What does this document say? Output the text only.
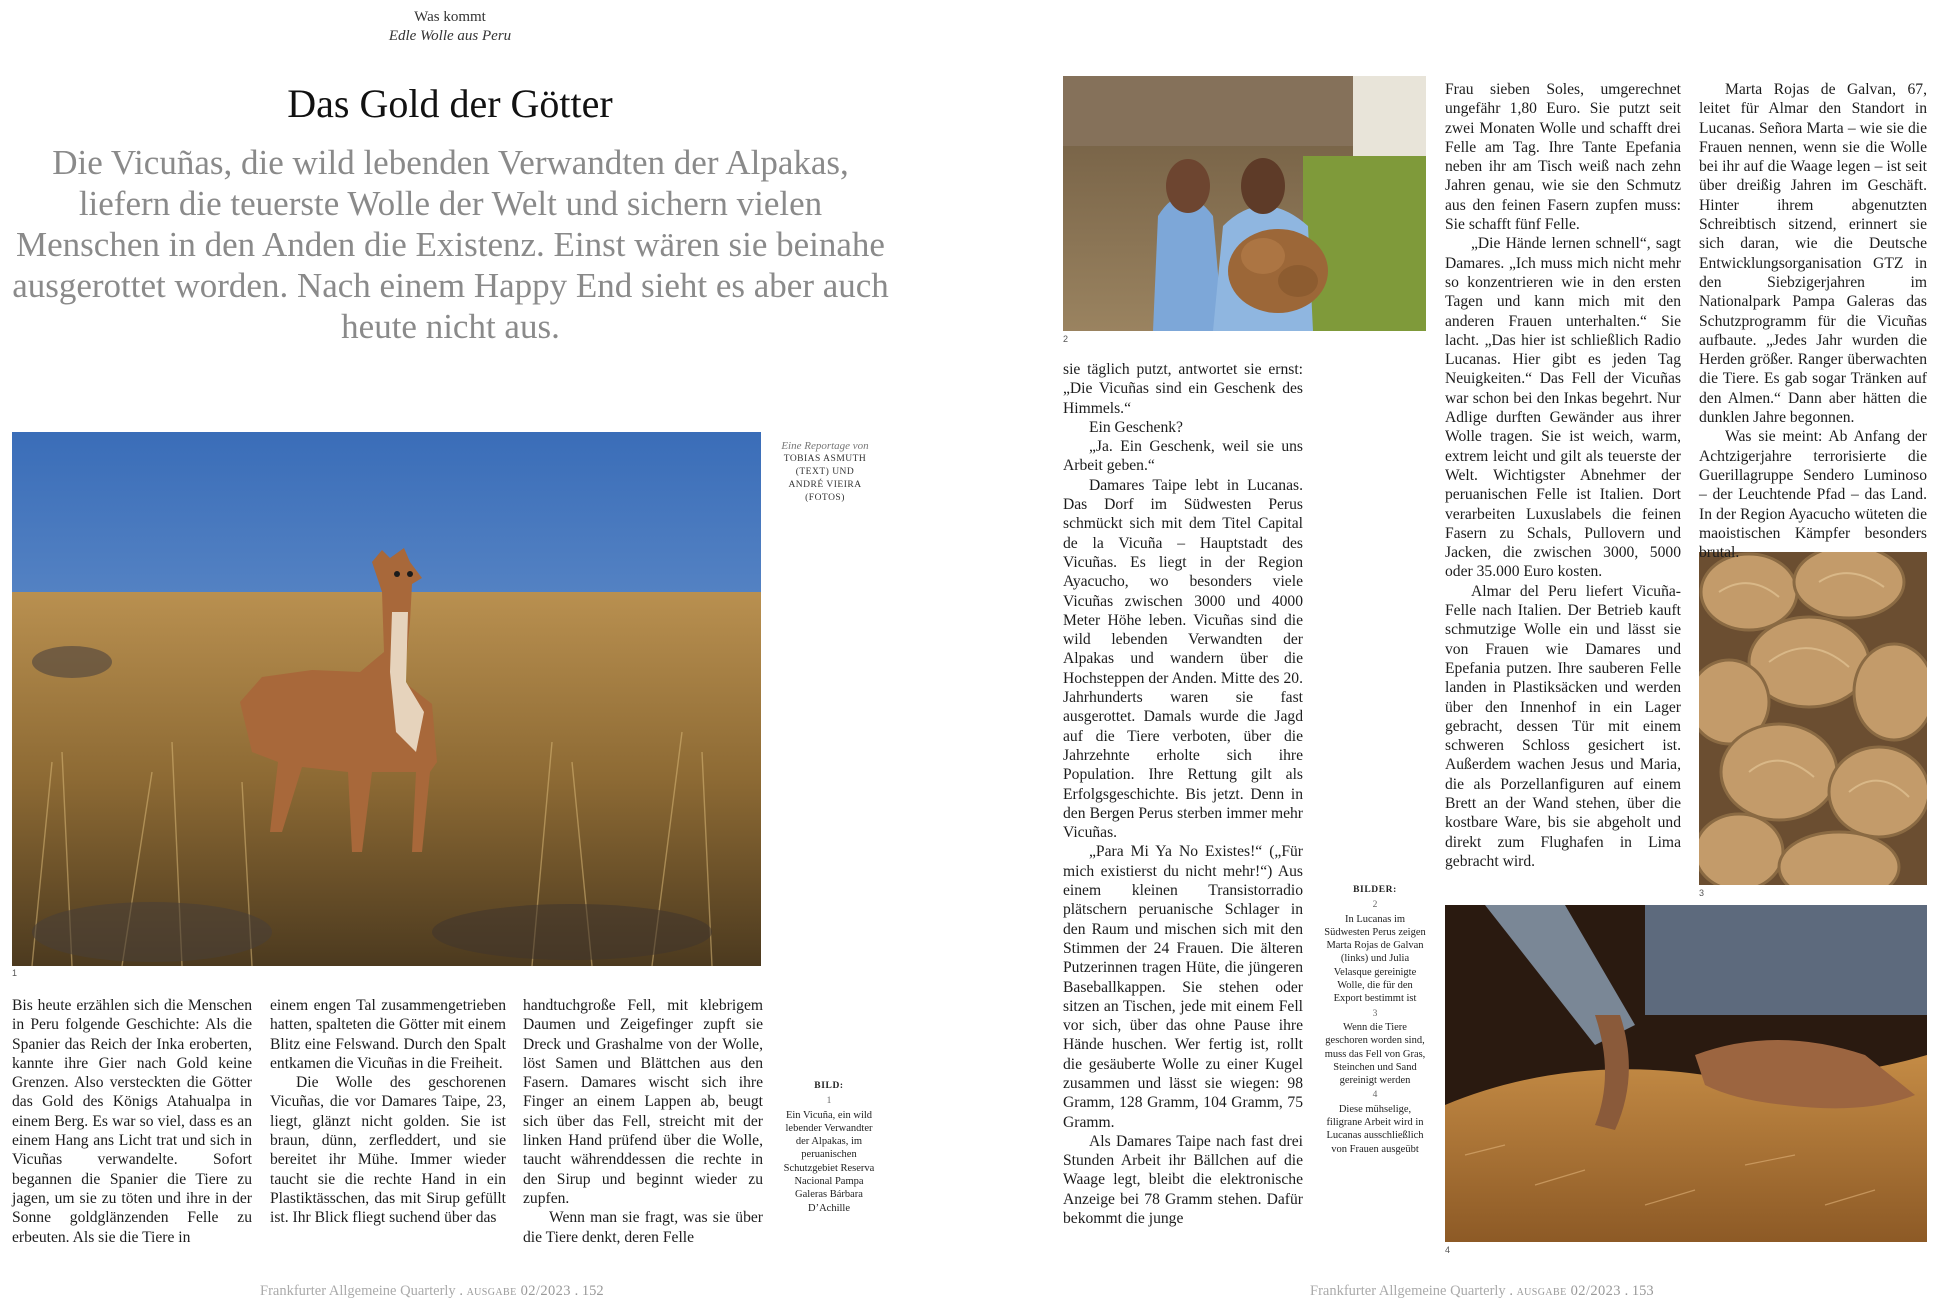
Was kommt
Edle Wolle aus Peru
Das Gold der Götter

Die Vicuñas, die wild lebenden Verwandten der Alpakas, liefern die teuerste Wolle der Welt und sichern vielen Menschen in den Anden die Existenz. Einst wären sie beinahe ausgerottet worden. Nach einem Happy End sieht es aber auch heute nicht aus.

1
Eine Reportage von
TOBIAS ASMUTH
(TEXT) UND
ANDRÉ VIEIRA
(FOTOS)

Bis heute erzählen sich die Menschen in Peru folgende Geschichte: Als die Spanier das Reich der Inka eroberten, kannte ihre Gier nach Gold keine Grenzen. Also versteckten die Götter das Gold des Königs Atahualpa in einem Berg. Es war so viel, dass es an einem Hang ans Licht trat und sich in Vicuñas verwandelte. Sofort begannen die Spanier die Tiere zu jagen, um sie zu töten und ihre in der Sonne goldglänzenden Felle zu erbeuten. Als sie die Tiere in

einem engen Tal zusammengetrieben hatten, spalteten die Götter mit einem Blitz eine Felswand. Durch den Spalt entkamen die Vicuñas in die Freiheit.

Die Wolle des geschorenen Vicuñas, die vor Damares Taipe, 23, liegt, glänzt nicht golden. Sie ist braun, dünn, zerfleddert, und sie bereitet ihr Mühe. Immer wieder taucht sie die rechte Hand in ein Plastiktässchen, das mit Sirup gefüllt ist. Ihr Blick fliegt suchend über das

handtuchgroße Fell, mit klebrigem Daumen und Zeigefinger zupft sie Dreck und Grashalme von der Wolle, löst Samen und Blättchen aus den Fasern. Damares wischt sich ihre Finger an einem Lappen ab, beugt sich über das Fell, streicht mit der linken Hand prüfend über die Wolle, taucht währenddessen die rechte in den Sirup und beginnt wieder zu zupfen.

Wenn man sie fragt, was sie über die Tiere denkt, deren Felle

BILD:
1
Ein Vicuña, ein wild lebender Verwandter der Alpakas, im peruanischen Schutzgebiet Reserva Nacional Pampa Galeras Bárbara D’Achille
Frankfurter Allgemeine Quarterly . ausgabe 02/2023 . 152
2
3
4

sie täglich putzt, antwortet sie ernst: „Die Vicuñas sind ein Geschenk des Himmels.“

Ein Geschenk?

„Ja. Ein Geschenk, weil sie uns Arbeit geben.“

Damares Taipe lebt in Lucanas. Das Dorf im Südwesten Perus schmückt sich mit dem Titel Capital de la Vicuña – Hauptstadt des Vicuñas. Es liegt in der Region Ayacucho, wo besonders viele Vicuñas zwischen 3000 und 4000 Meter Höhe leben. Vicuñas sind die wild lebenden Verwandten der Alpakas und wandern über die Hochsteppen der Anden. Mitte des 20. Jahrhunderts waren sie fast ausgerottet. Damals wurde die Jagd auf die Tiere verboten, über die Jahrzehnte erholte sich ihre Population. Ihre Rettung gilt als Erfolgsgeschichte. Bis jetzt. Denn in den Bergen Perus sterben immer mehr Vicuñas.

„Para Mi Ya No Existes!“ („Für mich existierst du nicht mehr!“) Aus einem kleinen Transistorradio plätschern peruanische Schlager in den Raum und mischen sich mit den Stimmen der 24 Frauen. Die älteren Putzerinnen tragen Hüte, die jüngeren Baseballkappen. Sie stehen oder sitzen an Tischen, jede mit einem Fell vor sich, über das ohne Pause ihre Hände huschen. Wer fertig ist, rollt die gesäuberte Wolle zu einer Kugel zusammen und lässt sie wiegen: 98 Gramm, 128 Gramm, 104 Gramm, 75 Gramm.

Als Damares Taipe nach fast drei Stunden Arbeit ihr Bällchen auf die Waage legt, bleibt die elektronische Anzeige bei 78 Gramm stehen. Dafür bekommt die junge

Frau sieben Soles, umgerechnet ungefähr 1,80 Euro. Sie putzt seit zwei Monaten Wolle und schafft drei Felle am Tag. Ihre Tante Epefania neben ihr am Tisch weiß nach zehn Jahren genau, wie sie den Schmutz aus den feinen Fasern zupfen muss: Sie schafft fünf Felle.

„Die Hände lernen schnell“, sagt Damares. „Ich muss mich nicht mehr so konzentrieren wie in den ersten Tagen und kann mich mit den anderen Frauen unterhalten.“ Sie lacht. „Das hier ist schließlich Radio Lucanas. Hier gibt es jeden Tag Neuigkeiten.“ Das Fell der Vicuñas war schon bei den Inkas begehrt. Nur Adlige durften Gewänder aus ihrer Wolle tragen. Sie ist weich, warm, extrem leicht und gilt als teuerste der Welt. Wichtigster Abnehmer der peruanischen Felle ist Italien. Dort verarbeiten Luxuslabels die feinen Fasern zu Schals, Pullovern und Jacken, die zwischen 3000, 5000 oder 35.000 Euro kosten.

Almar del Peru liefert Vicuña-Felle nach Italien. Der Betrieb kauft schmutzige Wolle ein und lässt sie von Frauen wie Damares und Epefania putzen. Ihre sauberen Felle landen in Plastiksäcken und werden über den Innenhof in ein Lager gebracht, dessen Tür mit einem schweren Schloss gesichert ist. Außerdem wachen Jesus und Maria, die als Porzellanfiguren auf einem Brett an der Wand stehen, über die kostbare Ware, bis sie abgeholt und direkt zum Flughafen in Lima gebracht wird.

Marta Rojas de Galvan, 67, leitet für Almar den Standort in Lucanas. Señora Marta – wie sie die Frauen nennen, wenn sie die Wolle bei ihr auf die Waage legen – ist seit über dreißig Jahren im Geschäft. Hinter ihrem abgenutzten Schreibtisch sitzend, erinnert sie sich daran, wie die Deutsche Entwicklungsorganisation GTZ in den Siebzigerjahren im Nationalpark Pampa Galeras das Schutzprogramm für die Vicuñas aufbaute. „Jedes Jahr wurden die Herden größer. Ranger überwachten die Tiere. Es gab sogar Tränken auf den Almen.“ Dann aber hätten die dunklen Jahre begonnen.

Was sie meint: Ab Anfang der Achtzigerjahre terrorisierte die Guerillagruppe Sendero Luminoso – der Leuchtende Pfad – das Land. In der Region Ayacucho wüteten die maoistischen Kämpfer besonders brutal.

BILDER:
2
In Lucanas im Südwesten Perus zeigen Marta Rojas de Galvan (links) und Julia Velasque gereinigte Wolle, die für den Export bestimmt ist
3
Wenn die Tiere geschoren worden sind, muss das Fell von Gras, Steinchen und Sand gereinigt werden
4
Diese mühselige, filigrane Arbeit wird in Lucanas ausschließlich von Frauen ausgeübt
Frankfurter Allgemeine Quarterly . ausgabe 02/2023 . 153
